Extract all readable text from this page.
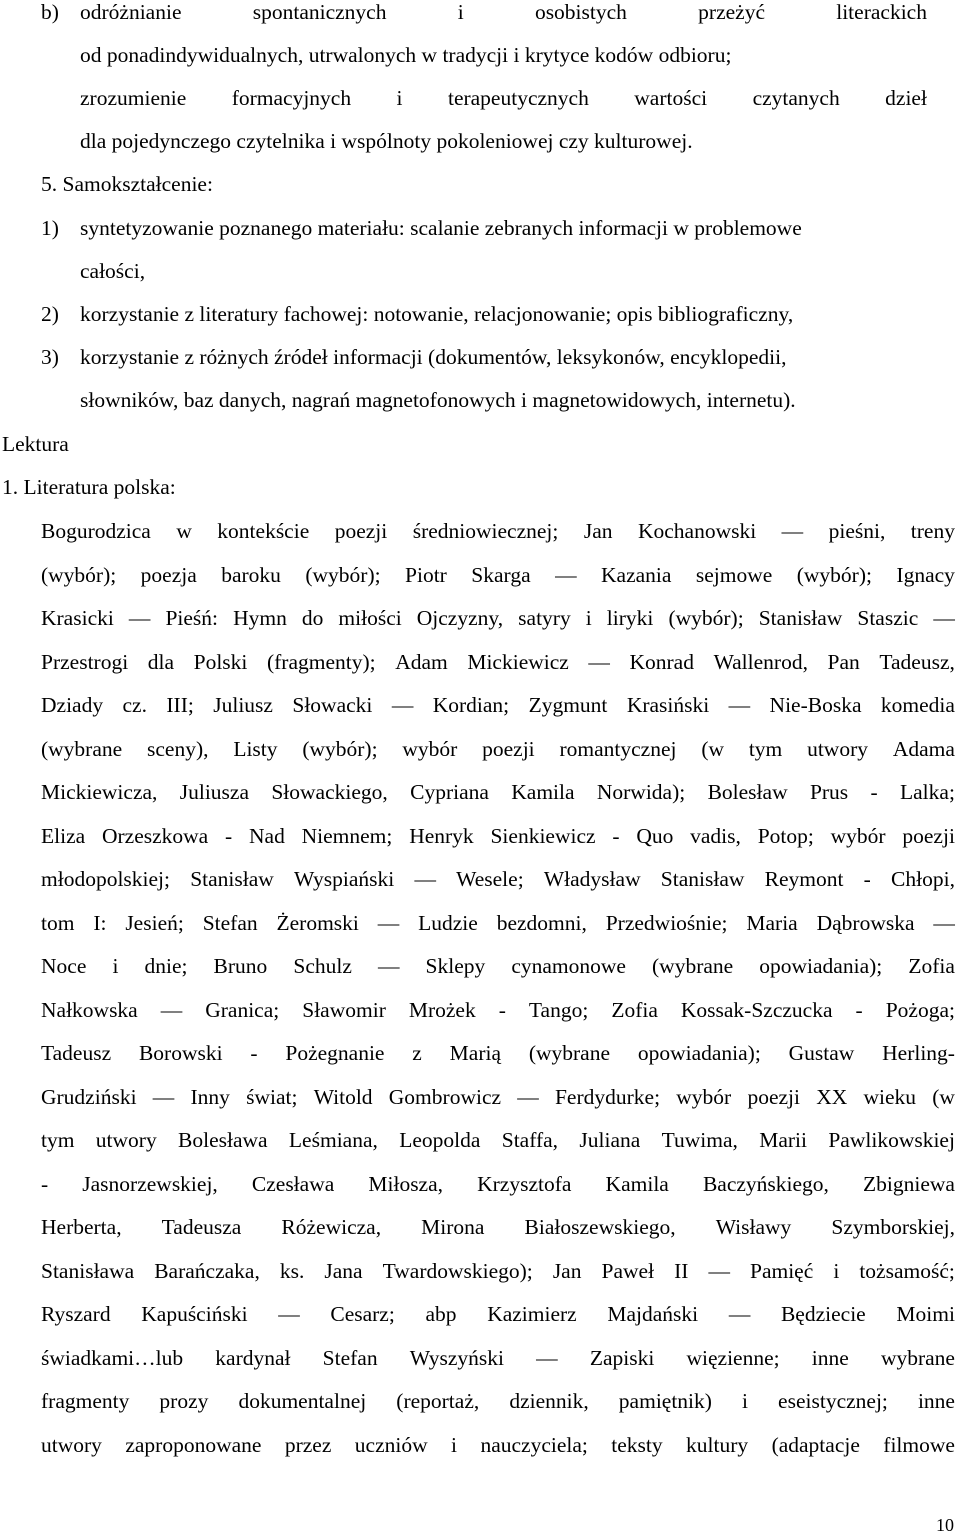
b) odróżnianie	spontanicznych	i	osobistych	przeżyć	literackich
od ponadindywidualnych, utrwalonych w tradycji i krytyce kodów odbioru;
zrozumienie formacyjnych i terapeutycznych wartości czytanych dzieł
dla pojedynczego czytelnika i wspólnoty pokoleniowej czy kulturowej.
5. Samokształcenie:
1) syntetyzowanie poznanego materiału: scalanie zebranych informacji w problemowe
całości,
2) korzystanie z literatury fachowej: notowanie, relacjonowanie; opis bibliograficzny,
3) korzystanie z różnych źródeł informacji (dokumentów, leksykonów, encyklopedii,
słowników, baz danych, nagrań magnetofonowych i magnetowidowych, internetu).
Lektura
1. Literatura polska:
Bogurodzica w kontekście poezji średniowiecznej; Jan Kochanowski — pieśni, treny
(wybór); poezja baroku (wybór); Piotr Skarga — Kazania sejmowe (wybór); Ignacy
Krasicki — Pieśń: Hymn do miłości Ojczyzny, satyry i liryki (wybór); Stanisław Staszic —
Przestrogi dla Polski (fragmenty); Adam Mickiewicz — Konrad Wallenrod, Pan Tadeusz,
Dziady cz. III; Juliusz Słowacki — Kordian; Zygmunt Krasiński — Nie-Boska komedia
(wybrane sceny), Listy (wybór); wybór poezji romantycznej (w tym utwory Adama
Mickiewicza, Juliusza Słowackiego, Cypriana Kamila Norwida); Bolesław Prus - Lalka;
Eliza Orzeszkowa - Nad Niemnem; Henryk Sienkiewicz - Quo vadis, Potop; wybór poezji
młodopolskiej; Stanisław Wyspiański — Wesele; Władysław Stanisław Reymont - Chłopi,
tom I: Jesień; Stefan Żeromski — Ludzie bezdomni, Przedwiośnie; Maria Dąbrowska —
Noce i dnie; Bruno Schulz — Sklepy cynamonowe (wybrane opowiadania); Zofia
Nałkowska — Granica; Sławomir Mrożek - Tango; Zofia Kossak-Szczucka - Pożoga;
Tadeusz Borowski - Pożegnanie z Marią (wybrane opowiadania); Gustaw Herling-
Grudziński — Inny świat; Witold Gombrowicz — Ferdydurke; wybór poezji XX wieku (w
tym utwory Bolesława Leśmiana, Leopolda Staffa, Juliana Tuwima, Marii Pawlikowskiej
- Jasnorzewskiej, Czesława Miłosza, Krzysztofa Kamila Baczyńskiego, Zbigniewa
Herberta, Tadeusza Różewicza, Mirona Białoszewskiego, Wisławy Szymborskiej,
Stanisława Barańczaka, ks. Jana Twardowskiego); Jan Paweł II — Pamięć i tożsamość;
Ryszard Kapuściński — Cesarz; abp Kazimierz Majdański — Będziecie Moimi
świadkami…lub kardynał Stefan Wyszyński — Zapiski więzienne; inne wybrane
fragmenty prozy dokumentalnej (reportaż, dziennik, pamiętnik) i eseistycznej; inne
utwory zaproponowane przez uczniów i nauczyciela; teksty kultury (adaptacje filmowe
10
